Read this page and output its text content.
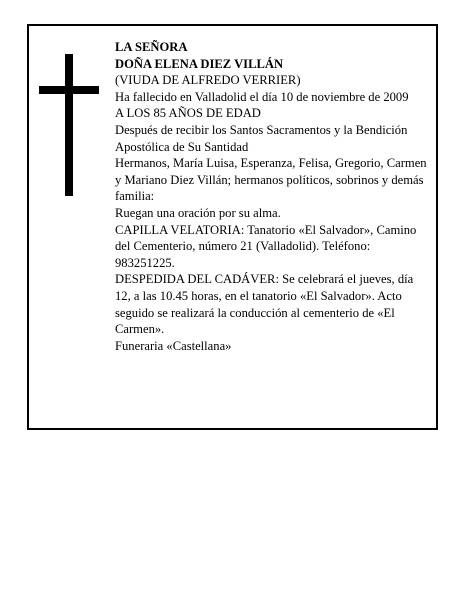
LA SEÑORA

DOÑA ELENA DIEZ VILLÁN

(VIUDA DE ALFREDO VERRIER)

Ha fallecido en Valladolid el día 10 de noviembre de 2009

A LOS 85 AÑOS DE EDAD

Después de recibir los Santos Sacramentos y la Bendición Apostólica de Su Santidad

Hermanos, María Luisa, Esperanza, Felisa, Gregorio, Carmen y Mariano Diez Villán; hermanos políticos, sobrinos y demás familia:

Ruegan una oración por su alma.

CAPILLA VELATORIA: Tanatorio «El Salvador», Camino del Cementerio, número 21 (Valladolid). Teléfono: 983251225.

DESPEDIDA DEL CADÁVER: Se celebrará el jueves, día 12, a las 10.45 horas, en el tanatorio «El Salvador». Acto seguido se realizará la conducción al cementerio de «El Carmen».

Funeraria «Castellana»
